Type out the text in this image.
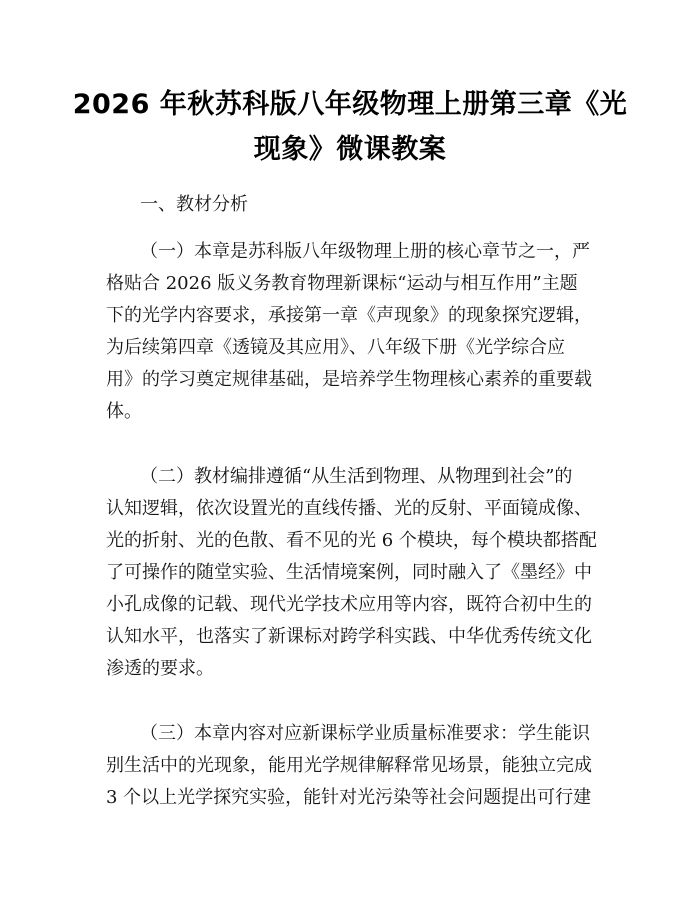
2026 年秋苏科版八年级物理上册第三章《光
现象》微课教案
一、教材分析
（一）本章是苏科版八年级物理上册的核心章节之一，严
格贴合 2026 版义务教育物理新课标“运动与相互作用”主题
下的光学内容要求，承接第一章《声现象》的现象探究逻辑，
为后续第四章《透镜及其应用》、八年级下册《光学综合应
用》的学习奠定规律基础，是培养学生物理核心素养的重要载
体。
（二）教材编排遵循“从生活到物理、从物理到社会”的
认知逻辑，依次设置光的直线传播、光的反射、平面镜成像、
光的折射、光的色散、看不见的光 6 个模块，每个模块都搭配
了可操作的随堂实验、生活情境案例，同时融入了《墨经》中
小孔成像的记载、现代光学技术应用等内容，既符合初中生的
认知水平，也落实了新课标对跨学科实践、中华优秀传统文化
渗透的要求。
（三）本章内容对应新课标学业质量标准要求：学生能识
别生活中的光现象，能用光学规律解释常见场景，能独立完成
3 个以上光学探究实验，能针对光污染等社会问题提出可行建
